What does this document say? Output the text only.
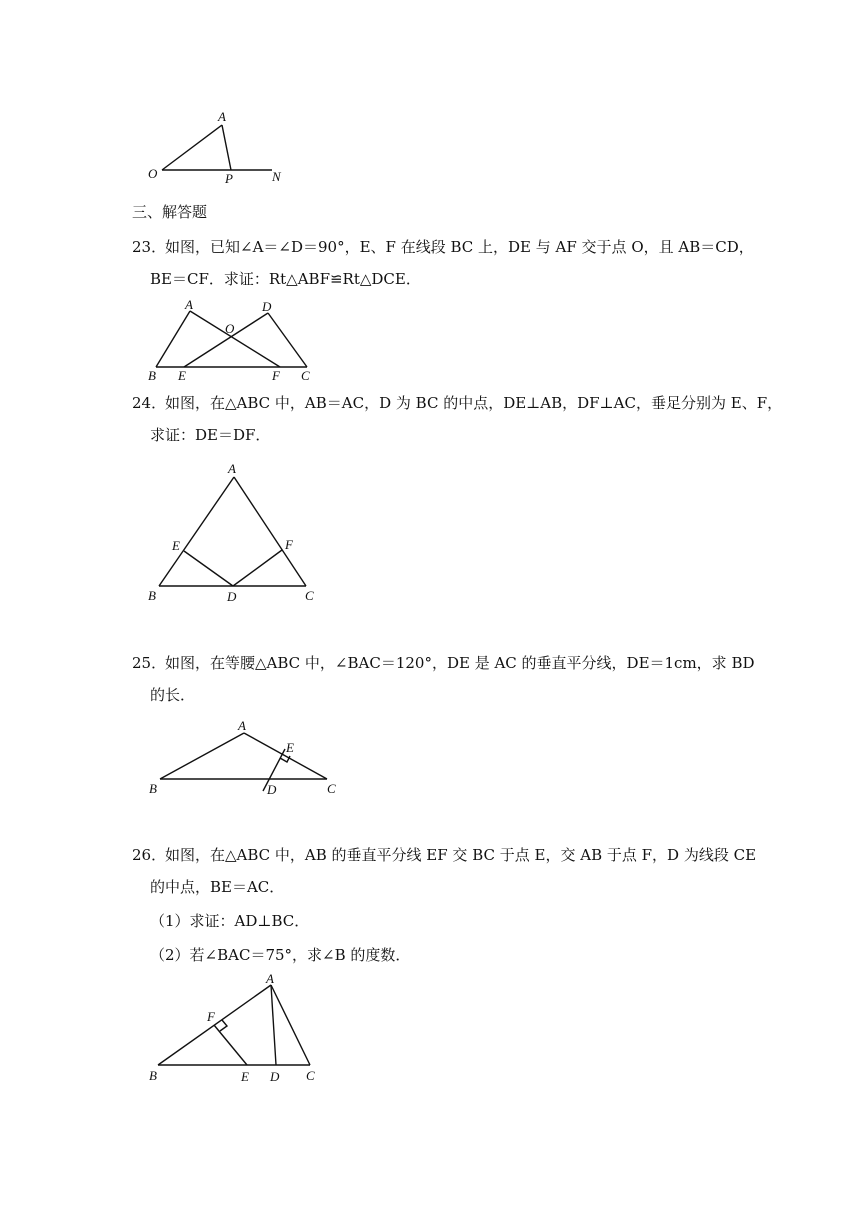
A
O	P	N
三、解答题
23．
如图，已知∠A＝∠D＝90°，E、F 在线段 BC 上，DE 与 AF 交于点 O，且 AB＝CD，
BE＝CF．求证：Rt△ABF≌Rt△DCE．
A	D
O
B E	F C
24．
如图，在△ABC 中，AB＝AC，D 为 BC 的中点，DE⊥AB，DF⊥AC，垂足分别为 E、F，
求证：DE＝DF．
A
E	F
B	D	C
25．
如图，在等腰△ABC 中，∠BAC＝120°，DE 是 AC 的垂直平分线，DE＝1cm，求 BD
的长．
A
E
B	D	C
26．
如图，在△ABC 中，AB 的垂直平分线 EF 交 BC 于点 E，交 AB 于点 F，D 为线段 CE
的中点，BE＝AC．
（1）求证：AD⊥BC．
（2）若∠BAC＝75°，求∠B 的度数．
A
F
B	E D C
